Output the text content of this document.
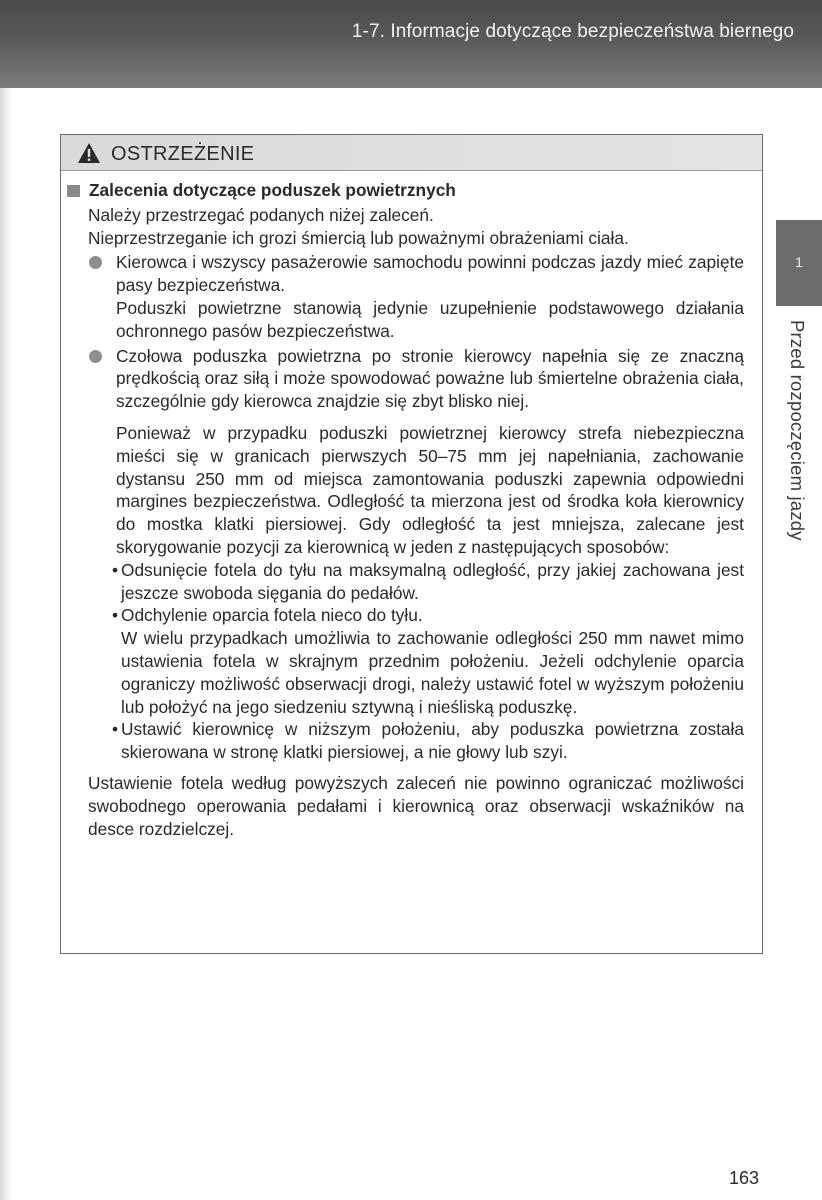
1-7. Informacje dotyczące bezpieczeństwa biernego
1
Przed rozpoczęciem jazdy
OSTRZEŻENIE
Zalecenia dotyczące poduszek powietrznych
Należy przestrzegać podanych niżej zaleceń.
Nieprzestrzeganie ich grozi śmiercią lub poważnymi obrażeniami ciała.
Kierowca i wszyscy pasażerowie samochodu powinni podczas jazdy mieć zapięte pasy bezpieczeństwa.
Poduszki powietrzne stanowią jedynie uzupełnienie podstawowego działania ochronnego pasów bezpieczeństwa.
Czołowa poduszka powietrzna po stronie kierowcy napełnia się ze znaczną prędkością oraz siłą i może spowodować poważne lub śmiertelne obrażenia ciała, szczególnie gdy kierowca znajdzie się zbyt blisko niej.
Ponieważ w przypadku poduszki powietrznej kierowcy strefa niebezpieczna mieści się w granicach pierwszych 50–75 mm jej napełniania, zachowanie dystansu 250 mm od miejsca zamontowania poduszki zapewnia odpowiedni margines bezpieczeństwa. Odległość ta mierzona jest od środka koła kierownicy do mostka klatki piersiowej. Gdy odległość ta jest mniejsza, zalecane jest skorygowanie pozycji za kierownicą w jeden z następujących sposobów:
• Odsunięcie fotela do tyłu na maksymalną odległość, przy jakiej zachowana jest jeszcze swoboda sięgania do pedałów.
• Odchylenie oparcia fotela nieco do tyłu.
W wielu przypadkach umożliwia to zachowanie odległości 250 mm nawet mimo ustawienia fotela w skrajnym przednim położeniu. Jeżeli odchylenie oparcia ograniczy możliwość obserwacji drogi, należy ustawić fotel w wyższym położeniu lub położyć na jego siedzeniu sztywną i nieśliską poduszkę.
• Ustawić kierownicę w niższym położeniu, aby poduszka powietrzna została skierowana w stronę klatki piersiowej, a nie głowy lub szyi.
Ustawienie fotela według powyższych zaleceń nie powinno ograniczać możliwości swobodnego operowania pedałami i kierownicą oraz obserwacji wskaźników na desce rozdzielczej.
163
